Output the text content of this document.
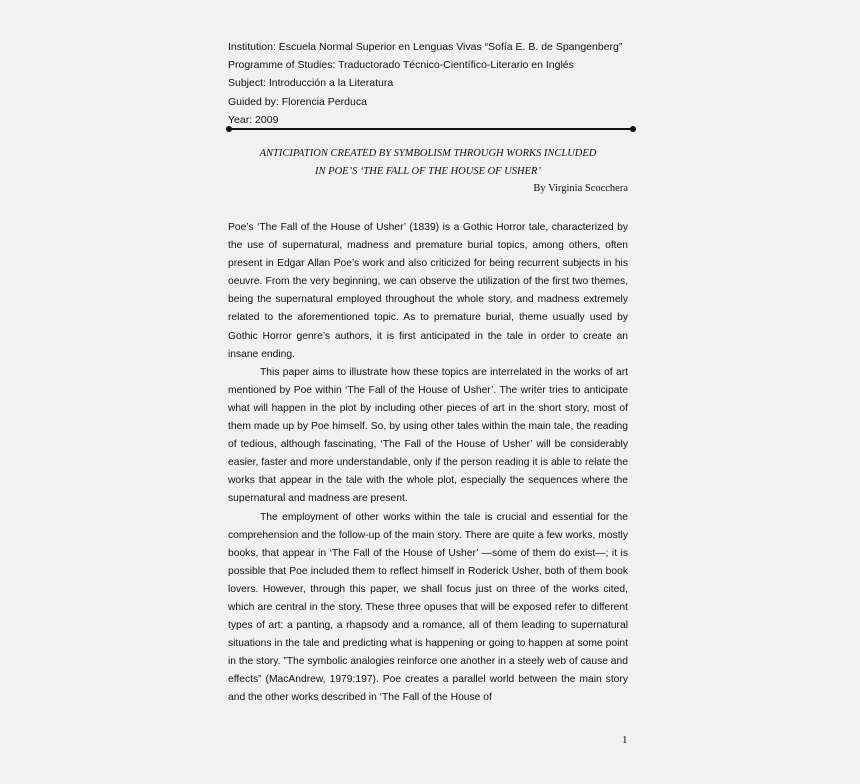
Institution: Escuela Normal Superior en Lenguas Vivas “Sofía E. B. de Spangenberg”
Programme of Studies: Traductorado Técnico-Científico-Literario en Inglés
Subject: Introducción a la Literatura
Guided by: Florencia Perduca
Year: 2009
ANTICIPATION CREATED BY SYMBOLISM THROUGH WORKS INCLUDED
IN POE’S ‘THE FALL OF THE HOUSE OF USHER’
By Virginia Scocchera

Poe’s ‘The Fall of the House of Usher’ (1839) is a Gothic Horror tale, characterized by the use of supernatural, madness and premature burial topics, among others, often present in Edgar Allan Poe’s work and also criticized for being recurrent subjects in his oeuvre. From the very beginning, we can observe the utilization of the first two themes, being the supernatural employed throughout the whole story, and madness extremely related to the aforementioned topic. As to premature burial, theme usually used by Gothic Horror genre’s authors, it is first anticipated in the tale in order to create an insane ending.

This paper aims to illustrate how these topics are interrelated in the works of art mentioned by Poe within ‘The Fall of the House of Usher’. The writer tries to anticipate what will happen in the plot by including other pieces of art in the short story, most of them made up by Poe himself. So, by using other tales within the main tale, the reading of tedious, although fascinating, ‘The Fall of the House of Usher’ will be considerably easier, faster and more understandable, only if the person reading it is able to relate the works that appear in the tale with the whole plot, especially the sequences where the supernatural and madness are present.

The employment of other works within the tale is crucial and essential for the comprehension and the follow-up of the main story. There are quite a few works, mostly books, that appear in ‘The Fall of the House of Usher’ —some of them do exist—; it is possible that Poe included them to reflect himself in Roderick Usher, both of them book lovers. However, through this paper, we shall focus just on three of the works cited, which are central in the story. These three opuses that will be exposed refer to different types of art: a panting, a rhapsody and a romance, all of them leading to supernatural situations in the tale and predicting what is happening or going to happen at some point in the story. ”The symbolic analogies reinforce one another in a steely web of cause and effects” (MacAndrew, 1979:197). Poe creates a parallel world between the main story and the other works described in ‘The Fall of the House of

1
